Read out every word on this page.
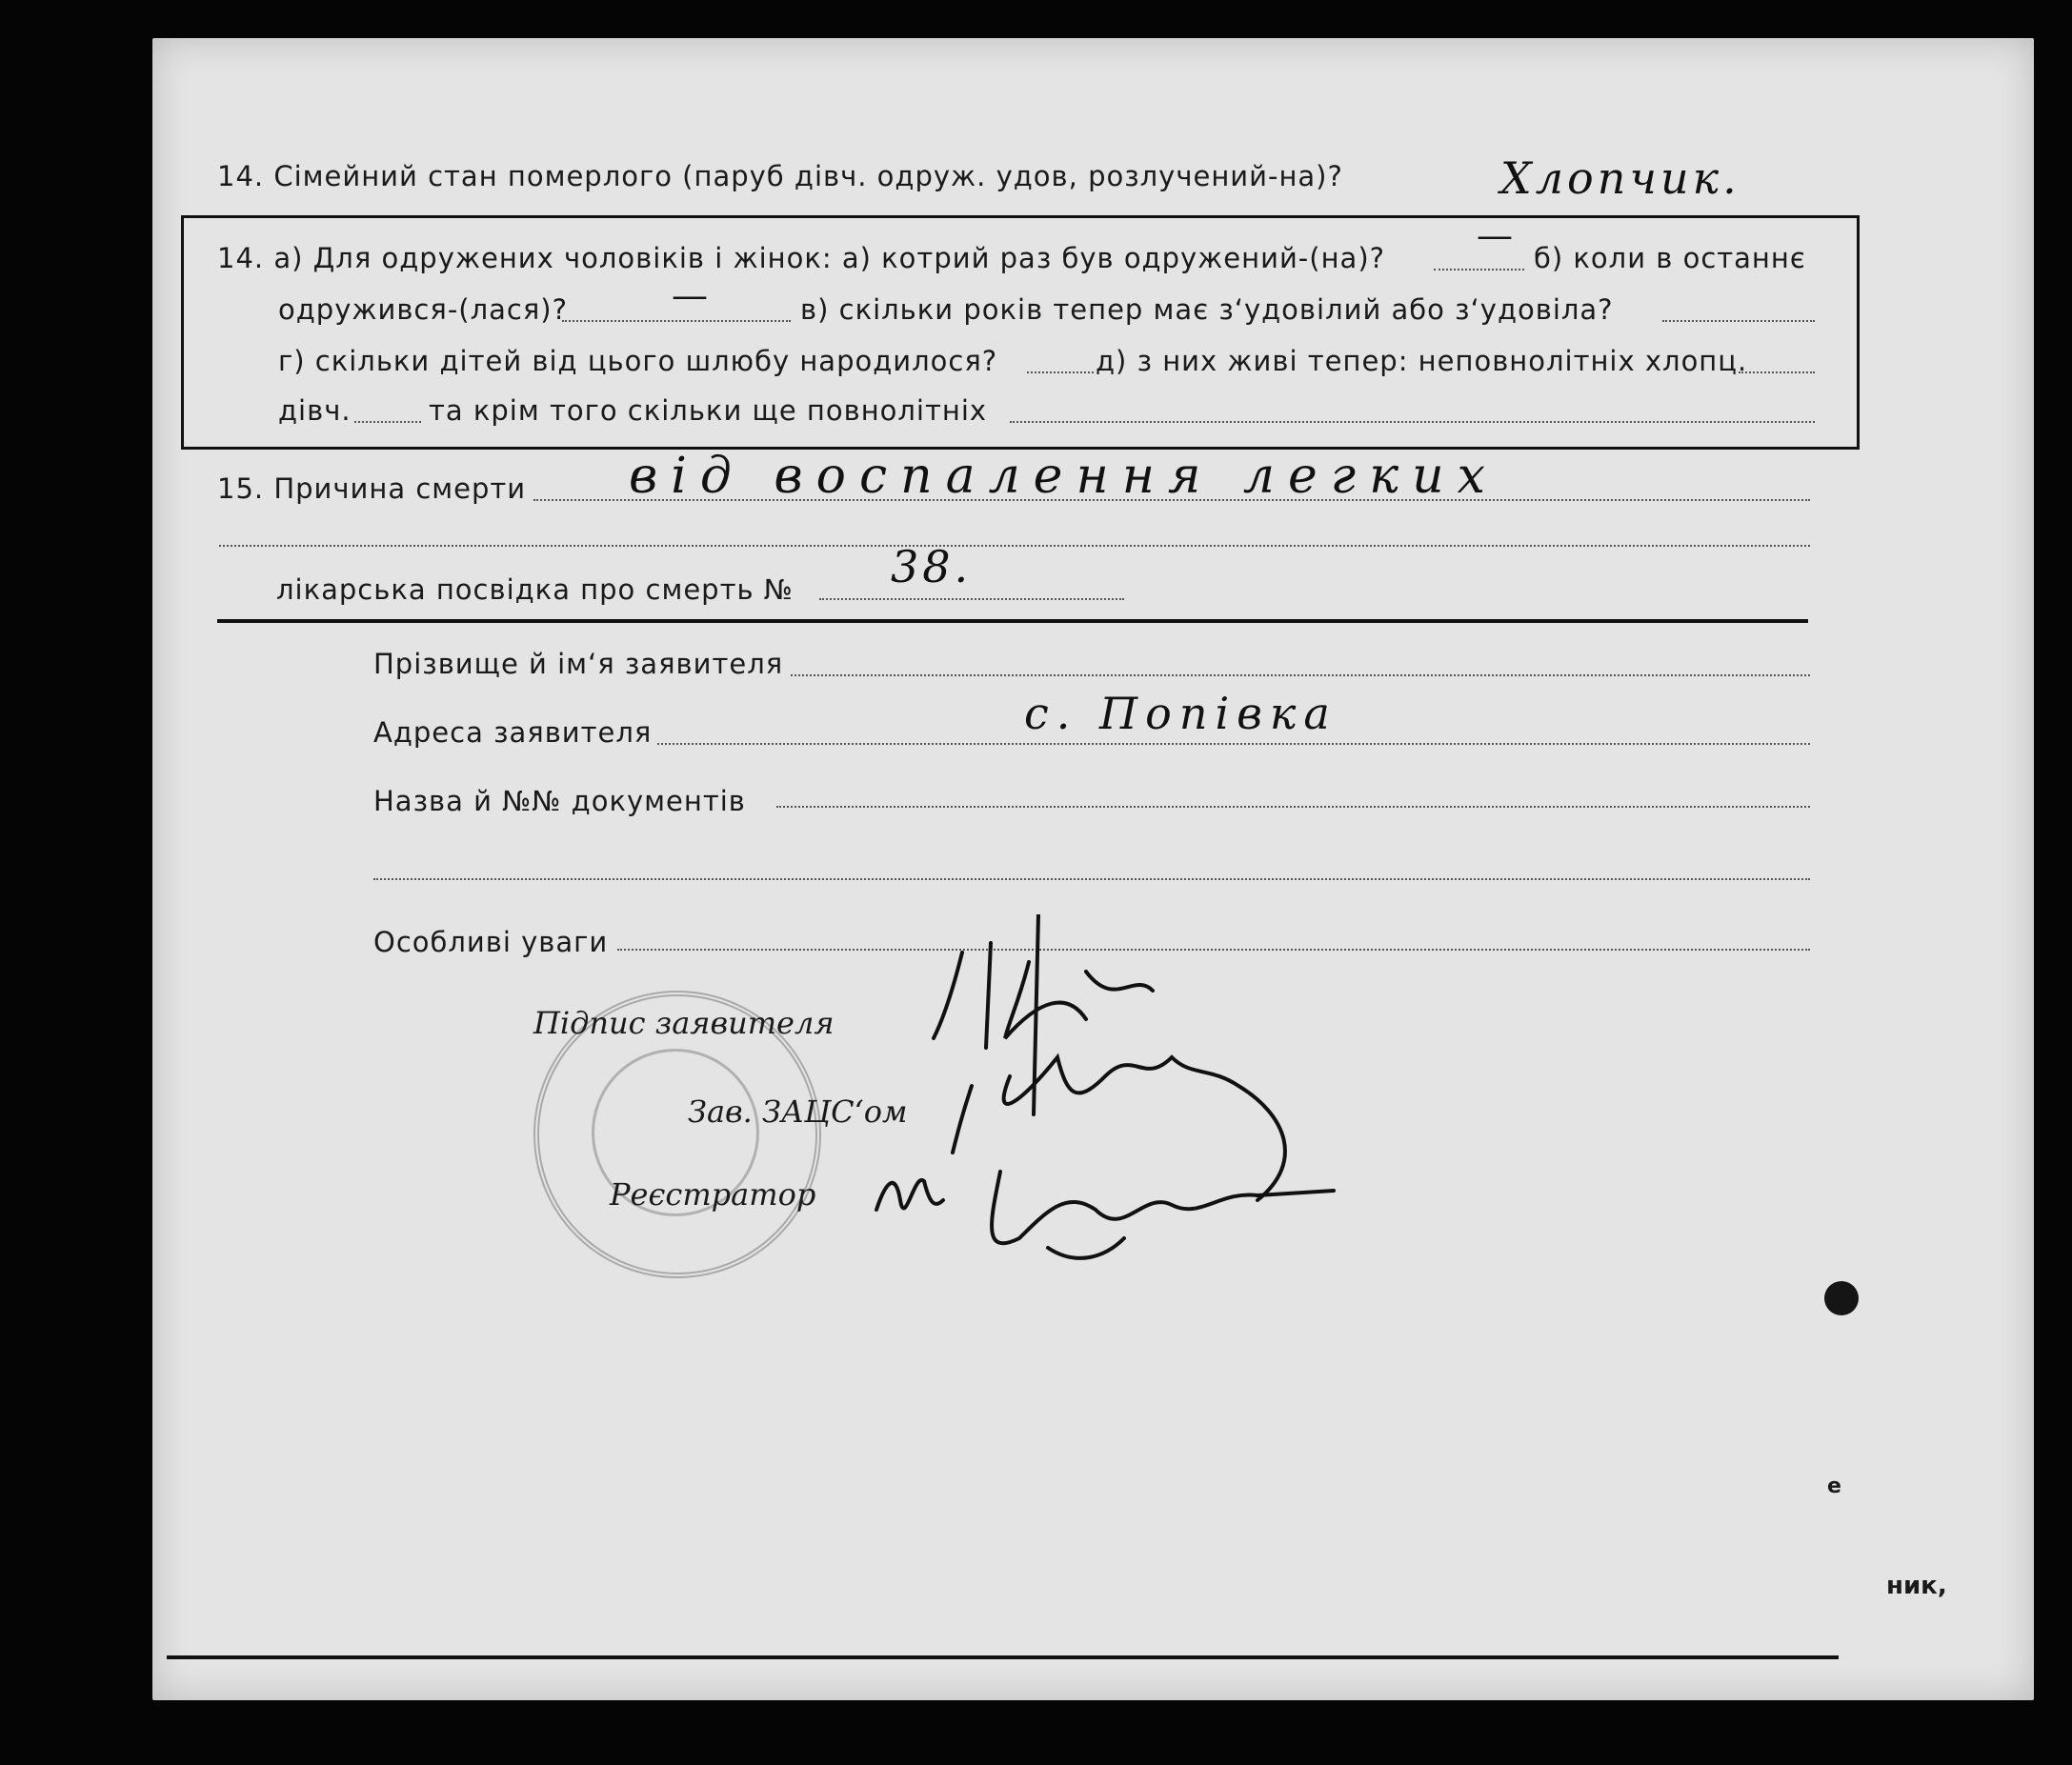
14. Сімейний стан померлого (паруб дівч. одруж. удов, розлучений-на)?	Хлопчик.
14. а) Для одружених чоловіків і жінок: а) котрий раз був одружений-(на)?
—
б) коли в останнє
одружився-(лася)?	—	в) скільки років тепер має з‘удовілий або з‘удовіла?
г) скільки дітей від цього шлюбу народилося?	д) з них живі тепер: неповнолітніх хлопц.
дівч.	та крім того скільки ще повнолітніх
15. Причина смерти від воспалення легких
лікарська посвідка про смерть № 38.
Прізвище й ім‘я заявителя
Адреса заявителя	с. Попівка
Назва й №№ документів
Особливі уваги
Підпис заявителя
Зав. ЗАЦС‘ом
Реєстратор
ник,
е
